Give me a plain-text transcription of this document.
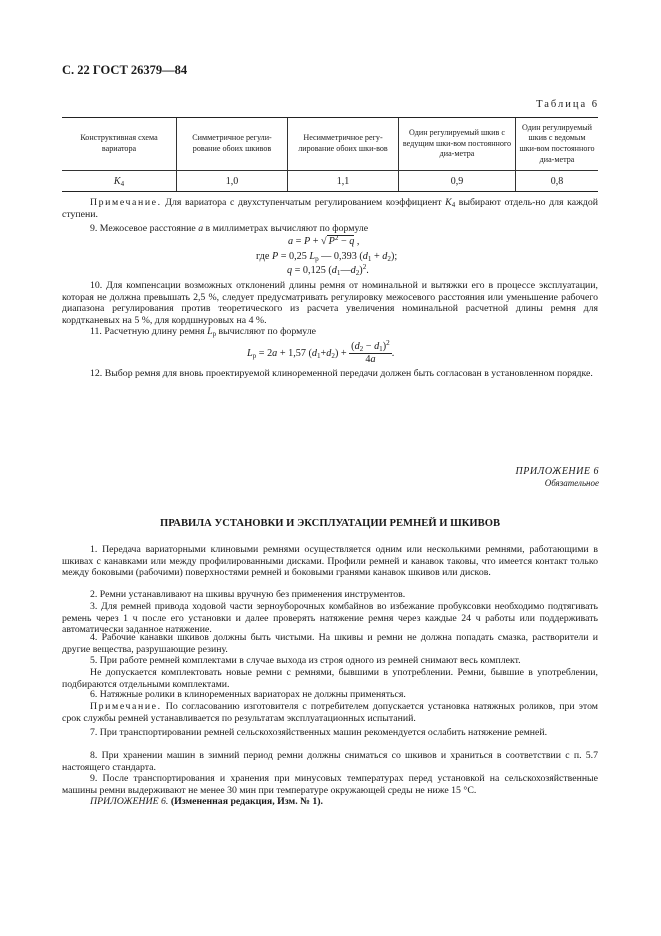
С. 22 ГОСТ 26379—84
Таблица 6
Конструктивная схема вариатора	Симметричное регули-рование обоих шкивов	Несимметричное регу-лирование обоих шки-вов	Один регулируемый шкив с ведущим шки-вом постоянного диа-метра	Один регулируемый шкив с ведомым шки-вом постоянного диа-метра
$K_4$	1,0	1,1	0,9	0,8
Примечание. Для вариатора с двухступенчатым регулированием коэффициент $K_4$ выбирают отдель-но для каждой ступени.
9. Межосевое расстояние a в миллиметрах вычисляют по формуле
a = P + √ $P^2 - q$ ,
где P = 0,25 $L_р$ — 0,393 $(d_1 + d_2)$;
q = 0,125 $(d_1—d_2)^2$.
10. Для компенсации возможных отклонений длины ремня от номинальной и вытяжки его в процессе эксплуатации, которая не должна превышать 2,5 %, следует предусматривать регулировку межосевого расстояния или уменьшение рабочего диапазона регулирования против теоретического из расчета увеличения номинальной расчетной длины ремня для кордтканевых на 5 %, для кордшнуровых на 4 %.
11. Расчетную длину ремня $L_р$ вычисляют по формуле
$L_р = 2a + 1,57$ $(d_1+d_2) + \frac{(d_2 - d_1)^2}{4a}$ .
12. Выбор ремня для вновь проектируемой клиноременной передачи должен быть согласован в установленном порядке.
ПРИЛОЖЕНИЕ 6
Обязательное
ПРАВИЛА УСТАНОВКИ И ЭКСПЛУАТАЦИИ РЕМНЕЙ И ШКИВОВ
1. Передача вариаторными клиновыми ремнями осуществляется одним или несколькими ремнями, работающими в шкивах с канавками или между профилированными дисками. Профили ремней и канавок таковы, что имеется контакт только между боковыми (рабочими) поверхностями ремней и боковыми гранями канавок шкивов или дисков.
2. Ремни устанавливают на шкивы вручную без применения инструментов.
3. Для ремней привода ходовой части зерноуборочных комбайнов во избежание пробуксовки необходимо подтягивать ремень через 1 ч после его установки и далее проверять натяжение ремня через каждые 24 ч работы или поддерживать автоматически заданное натяжение.
4. Рабочие канавки шкивов должны быть чистыми. На шкивы и ремни не должна попадать смазка, растворители и другие вещества, разрушающие резину.
5. При работе ремней комплектами в случае выхода из строя одного из ремней снимают весь комплект.
Не допускается комплектовать новые ремни с ремнями, бывшими в употреблении. Ремни, бывшие в употреблении, подбираются отдельными комплектами.
6. Натяжные ролики в клиноременных вариаторах не должны применяться.
Примечание. По согласованию изготовителя с потребителем допускается установка натяжных роликов, при этом срок службы ремней устанавливается по результатам эксплуатационных испытаний.
7. При транспортировании ремней сельскохозяйственных машин рекомендуется ослабить натяжение ремней.
8. При хранении машин в зимний период ремни должны сниматься со шкивов и храниться в соответствии с п. 5.7 настоящего стандарта.
9. После транспортирования и хранения при минусовых температурах перед установкой на сельскохозяйственные машины ремни выдерживают не менее 30 мин при температуре окружающей среды не ниже 15 °С.
ПРИЛОЖЕНИЕ 6. (Измененная редакция, Изм. № 1).
